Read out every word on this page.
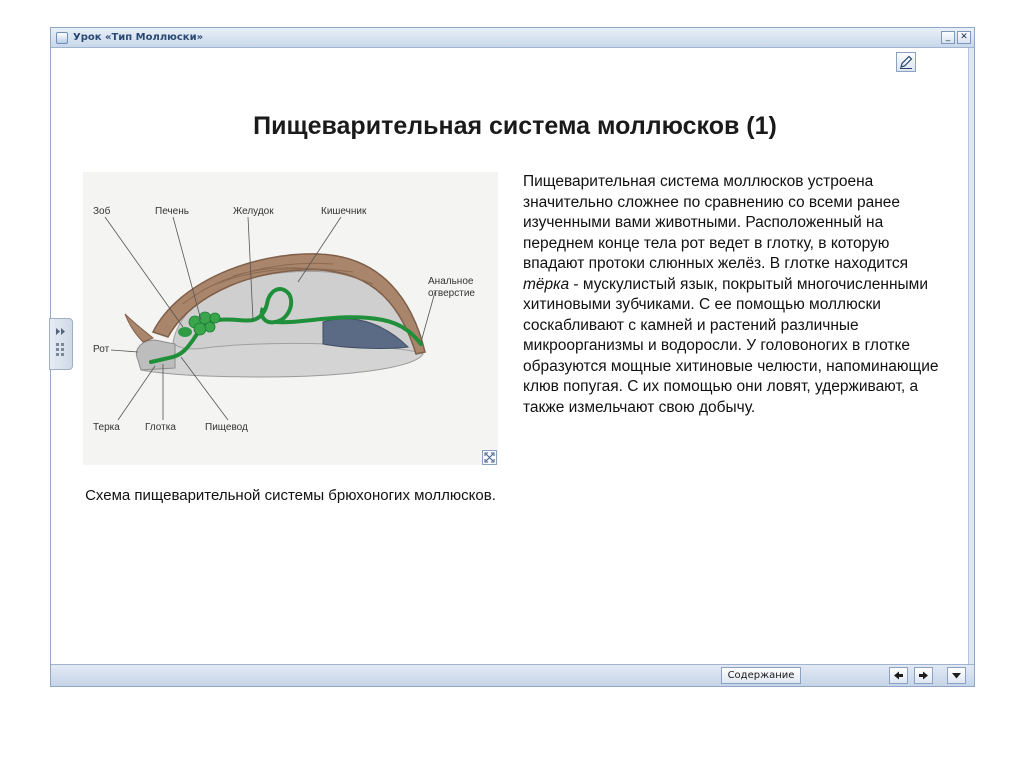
Урок «Тип Моллюски»	_	✕
Содержание
Пищеварительная система моллюсков (1)
Зоб	Печень	Желудок	Кишечник
Анальное
отверстие
Рот
Терка	Глотка	Пищевод
Схема пищеварительной системы брюхоногих моллюсков.
Пищеварительная система моллюсков устроена значительно сложнее по сравнению со всеми ранее изученными вами животными. Расположенный на переднем конце тела рот ведет в глотку, в которую впадают протоки слюнных желёз. В глотке находится тёрка - мускулистый язык, покрытый многочисленными хитиновыми зубчиками. С ее помощью моллюски соскабливают с камней и растений различные микроорганизмы и водоросли. У головоногих в глотке образуются мощные хитиновые челюсти, напоминающие клюв попугая. С их помощью они ловят, удерживают, а также измельчают свою добычу.
